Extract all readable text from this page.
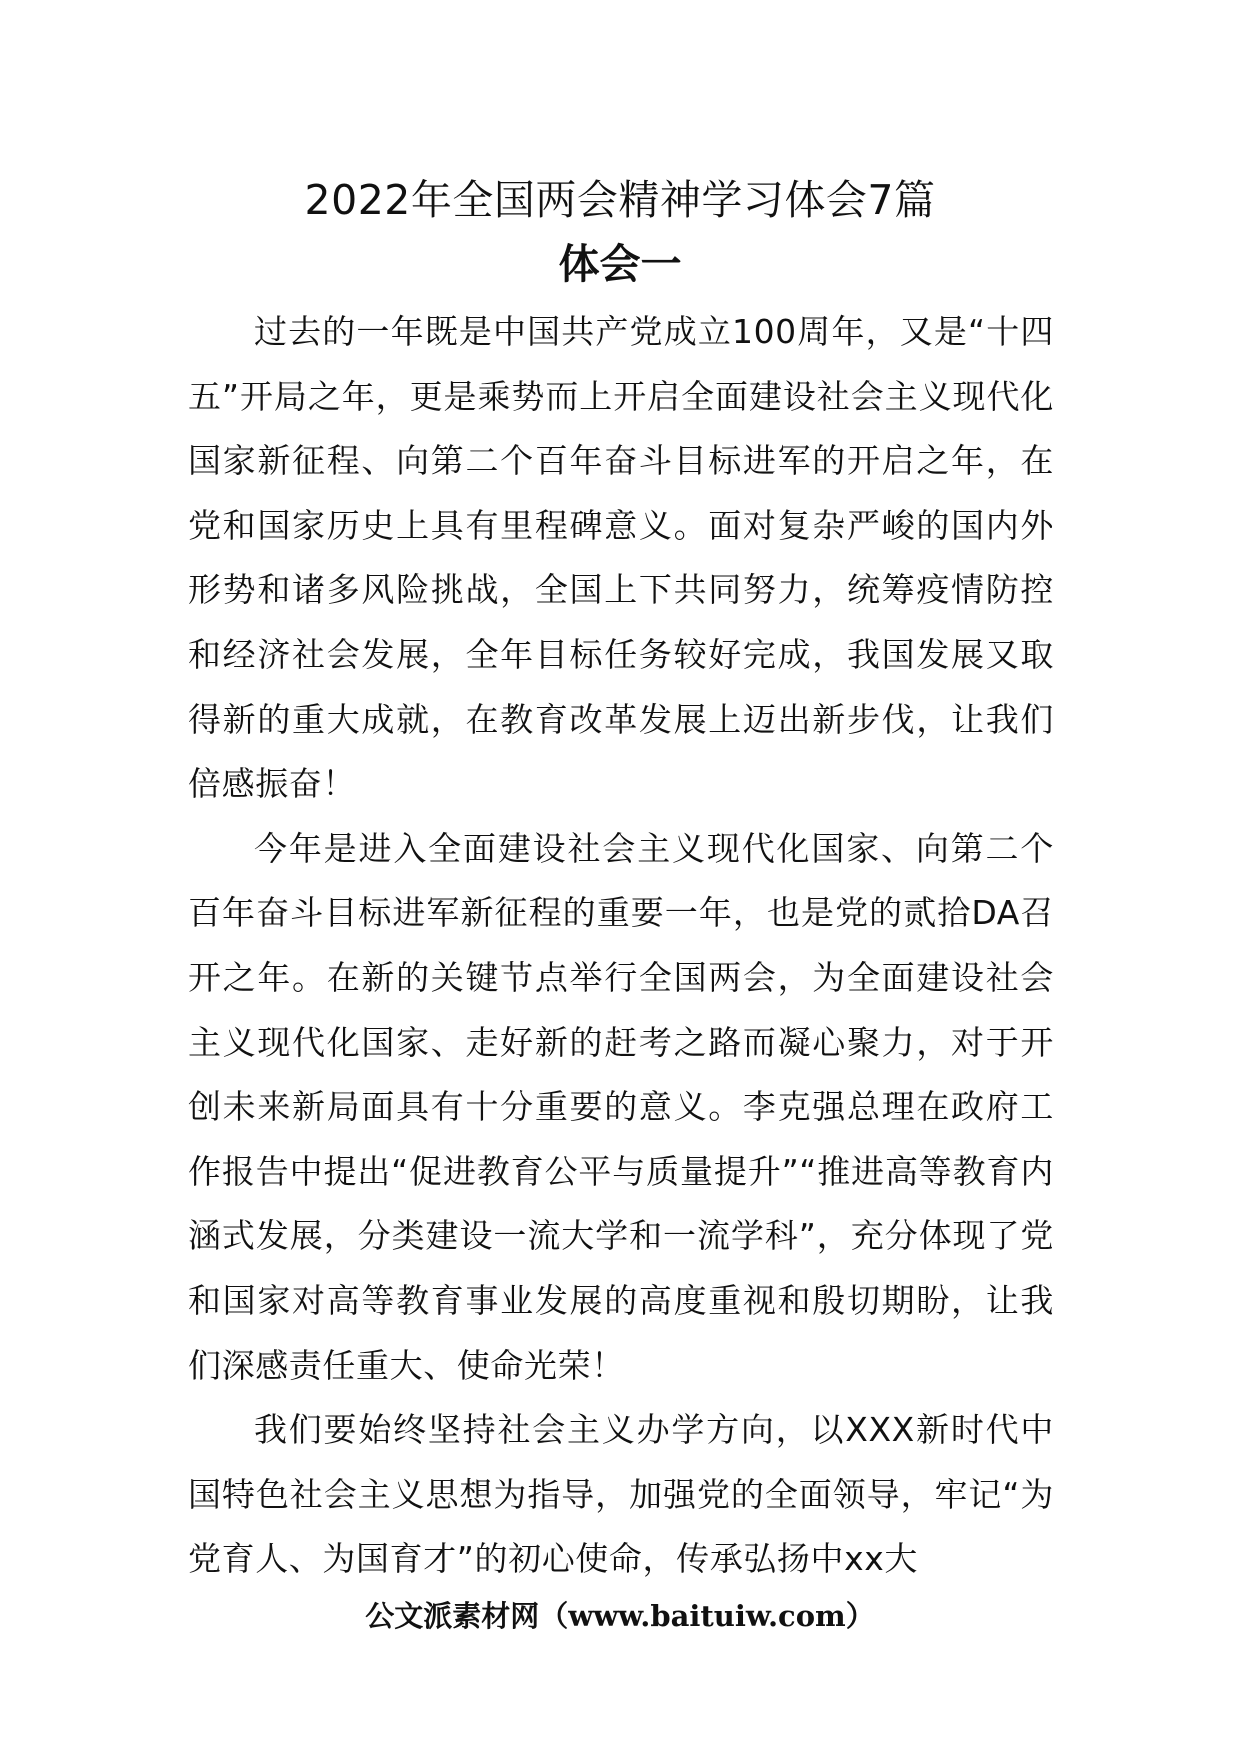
2022年全国两会精神学习体会7篇
体会一

过去的一年既是中国共产党成立100周年，又是“十四五”开局之年，更是乘势而上开启全面建设社会主义现代化国家新征程、向第二个百年奋斗目标进军的开启之年，在党和国家历史上具有里程碑意义。面对复杂严峻的国内外形势和诸多风险挑战，全国上下共同努力，统筹疫情防控和经济社会发展，全年目标任务较好完成，我国发展又取得新的重大成就，在教育改革发展上迈出新步伐，让我们倍感振奋！

今年是进入全面建设社会主义现代化国家、向第二个百年奋斗目标进军新征程的重要一年，也是党的贰拾DA召开之年。在新的关键节点举行全国两会，为全面建设社会主义现代化国家、走好新的赶考之路而凝心聚力，对于开创未来新局面具有十分重要的意义。李克强总理在政府工作报告中提出“促进教育公平与质量提升”“推进高等教育内涵式发展，分类建设一流大学和一流学科”，充分体现了党和国家对高等教育事业发展的高度重视和殷切期盼，让我们深感责任重大、使命光荣！

我们要始终坚持社会主义办学方向，以XXX新时代中国特色社会主义思想为指导，加强党的全面领导，牢记“为党育人、为国育才”的初心使命，传承弘扬中xx大

公文派素材网（www.baituiw.com）
